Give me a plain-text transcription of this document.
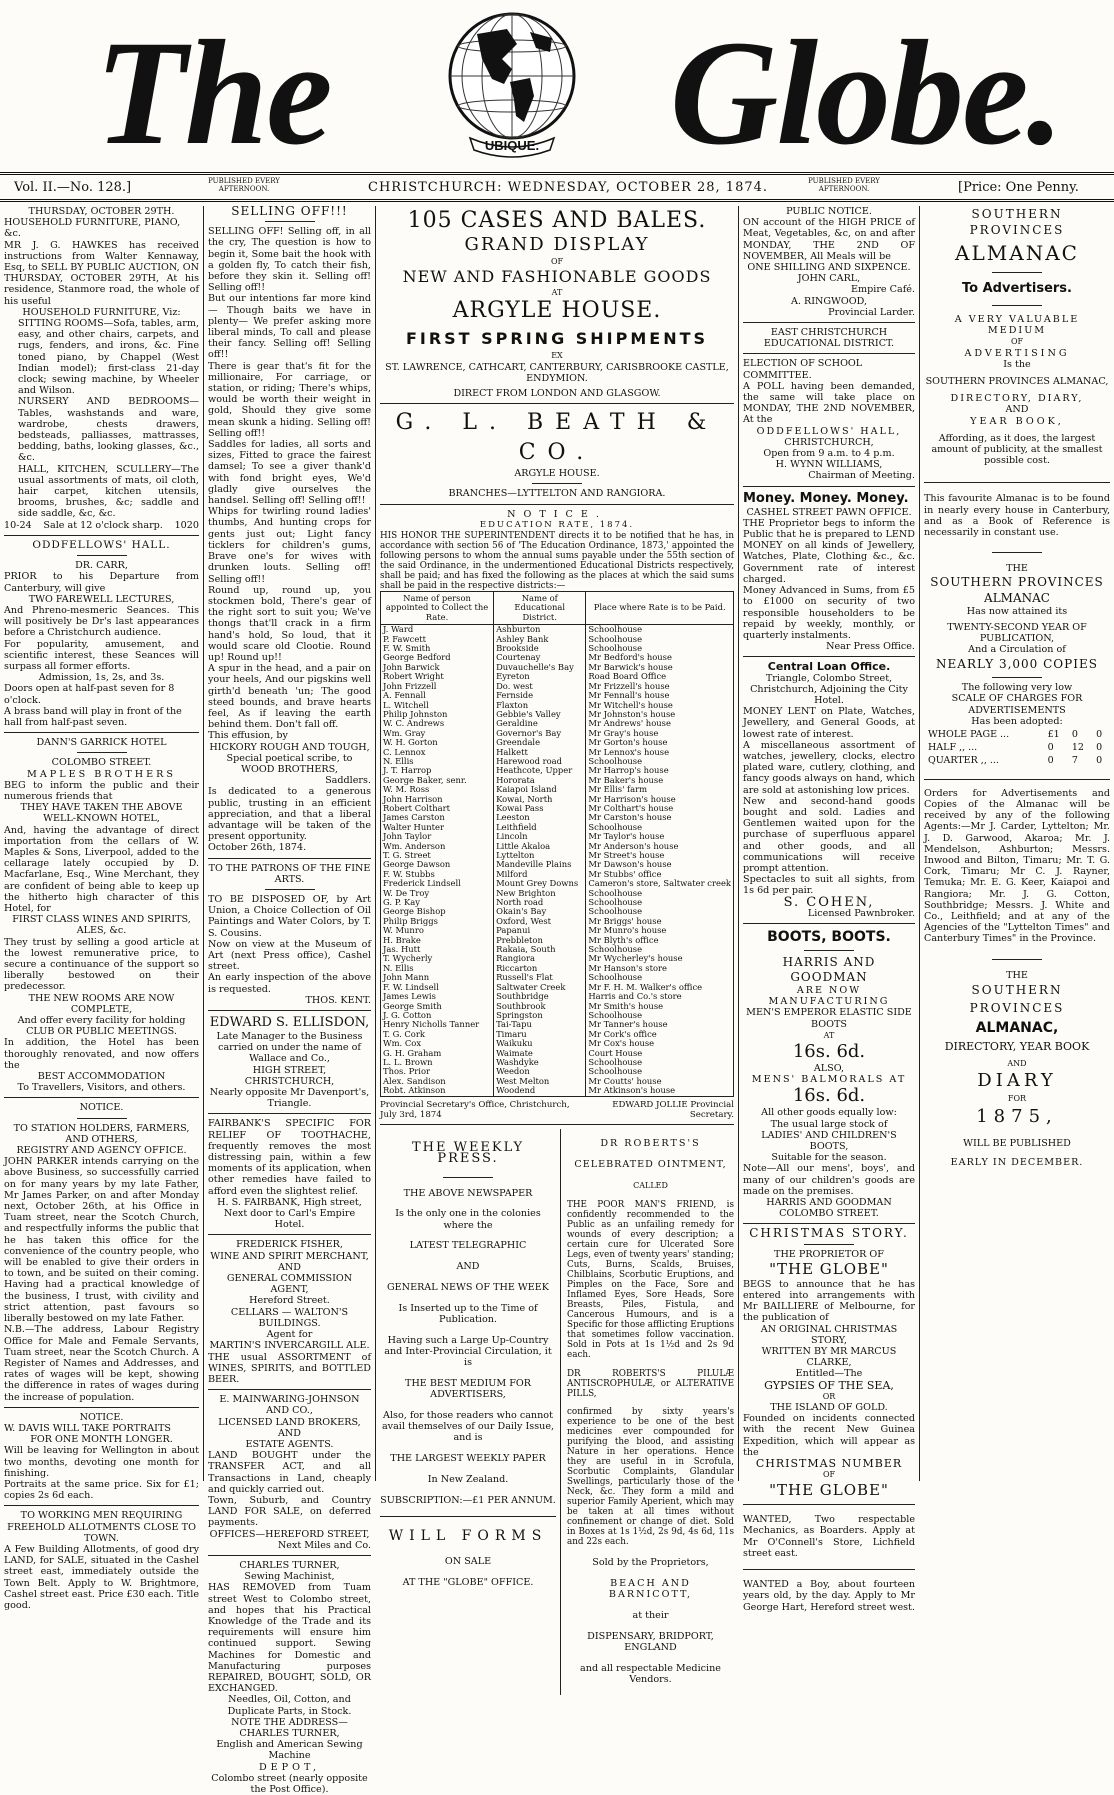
The	UBIQUE. Globe.
Vol. II.—No. 128.]	PUBLISHED EVERY AFTERNOON.	CHRISTCHURCH: WEDNESDAY, OCTOBER 28, 1874.	PUBLISHED EVERY AFTERNOON.	[Price: One Penny.

THURSDAY, OCTOBER 29TH.

HOUSEHOLD FURNITURE, PIANO, &c.

MR J. G. HAWKES has received instructions from Walter Kennaway, Esq, to SELL BY PUBLIC AUCTION, ON THURSDAY, OCTOBER 29TH, At his residence, Stanmore road, the whole of his useful

HOUSEHOLD FURNITURE, Viz:

SITTING ROOMS—Sofa, tables, arm, easy, and other chairs, carpets, and rugs, fenders, and irons, &c. Fine toned piano, by Chappel (West Indian model); first-class 21-day clock; sewing machine, by Wheeler and Wilson.

NURSERY AND BEDROOMS—Tables, washstands and ware, wardrobe, chests drawers, bedsteads, palliasses, mattrasses, bedding, baths, looking glasses, &c., &c.

HALL, KITCHEN, SCULLERY—The usual assortments of mats, oil cloth, hair carpet, kitchen utensils, brooms, brushes, &c; saddle and side saddle, &c, &c.

10-24 Sale at 12 o'clock sharp. 1020

ODDFELLOWS' HALL.

DR. CARR,

PRIOR to his Departure from Canterbury, will give

TWO FAREWELL LECTURES,

And Phreno-mesmeric Seances. This will positively be Dr's last appearances before a Christchurch audience.

For popularity, amusement, and scientific interest, these Seances will surpass all former efforts.

Admission, 1s, 2s, and 3s.

Doors open at half-past seven for 8 o'clock.

A brass band will play in front of the hall from half-past seven.

DANN'S GARRICK HOTEL

COLOMBO STREET.

MAPLES BROTHERS

BEG to inform the public and their numerous friends that

THEY HAVE TAKEN THE ABOVE

WELL-KNOWN HOTEL,

And, having the advantage of direct importation from the cellars of W. Maples & Sons, Liverpool, added to the cellarage lately occupied by D. Macfarlane, Esq., Wine Merchant, they are confident of being able to keep up the hitherto high character of this Hotel, for

FIRST CLASS WINES AND SPIRITS,

ALES, &c.

They trust by selling a good article at the lowest remunerative price, to secure a continuance of the support so liberally bestowed on their predecessor.

THE NEW ROOMS ARE NOW

COMPLETE,

And offer every facility for holding

CLUB OR PUBLIC MEETINGS.

In addition, the Hotel has been thoroughly renovated, and now offers the

BEST ACCOMMODATION

To Travellers, Visitors, and others.

NOTICE.

TO STATION HOLDERS, FARMERS,

AND OTHERS,

REGISTRY AND AGENCY OFFICE.

JOHN PARKER intends carrying on the above Business, so successfully carried on for many years by my late Father, Mr James Parker, on and after Monday next, October 26th, at his Office in Tuam street, near the Scotch Church, and respectfully informs the public that he has taken this office for the convenience of the country people, who will be enabled to give their orders in to town, and be suited on their coming. Having had a practical knowledge of the business, I trust, with civility and strict attention, past favours so liberally bestowed on my late Father.

N.B.—The address, Labour Registry Office for Male and Female Servants, Tuam street, near the Scotch Church. A Register of Names and Addresses, and rates of wages will be kept, showing the difference in rates of wages during the increase of population.

NOTICE.

W. DAVIS WILL TAKE PORTRAITS

FOR ONE MONTH LONGER.

Will be leaving for Wellington in about two months, devoting one month for finishing.

Portraits at the same price. Six for £1; copies 2s 6d each.

TO WORKING MEN REQUIRING FREEHOLD ALLOTMENTS CLOSE TO TOWN.

A Few Building Allotments, of good dry LAND, for SALE, situated in the Cashel street east, immediately outside the Town Belt. Apply to W. Brightmore, Cashel street east. Price £30 each. Title good.

SELLING OFF!!!

SELLING OFF! Selling off, in all the cry, The question is how to begin it, Some bait the hook with a golden fly, To catch their fish, before they skin it. Selling off! Selling off!!

But our intentions far more kind— Though baits we have in plenty— We prefer asking more liberal minds, To call and please their fancy. Selling off! Selling off!!

There is gear that's fit for the millionaire, For carriage, or station, or riding; There's whips, would be worth their weight in gold, Should they give some mean skunk a hiding. Selling off! Selling off!!

Saddles for ladies, all sorts and sizes, Fitted to grace the fairest damsel; To see a giver thank'd with fond bright eyes, We'd gladly give ourselves the handsel. Selling off! Selling off!!

Whips for twirling round ladies' thumbs, And hunting crops for gents just out; Light fancy ticklers for children's gums, Brave one's for wives with drunken louts. Selling off! Selling off!!

Round up, round up, you stockmen bold, There's gear of the right sort to suit you; We've thongs that'll crack in a firm hand's hold, So loud, that it would scare old Clootie. Round up! Round up!!

A spur in the head, and a pair on your heels, And our pigskins well girth'd beneath 'un; The good steed bounds, and brave hearts feel, As if leaving the earth behind them. Don't fall off.

This effusion, by

HICKORY ROUGH AND TOUGH,

Special poetical scribe, to

WOOD BROTHERS,

Saddlers.

Is dedicated to a generous public, trusting in an efficient appreciation, and that a liberal advantage will be taken of the present opportunity.

October 26th, 1874.

TO THE PATRONS OF THE FINE ARTS.

TO BE DISPOSED OF, by Art Union, a Choice Collection of Oil Paintings and Water Colors, by T. S. Cousins.

Now on view at the Museum of Art (next Press office), Cashel street.

An early inspection of the above is requested.

THOS. KENT.

EDWARD S. ELLISDON,

Late Manager to the Business carried on under the name of Wallace and Co.,

HIGH STREET, CHRISTCHURCH,

Nearly opposite Mr Davenport's, Triangle.

FAIRBANK'S SPECIFIC FOR RELIEF OF TOOTHACHE, frequently removes the most distressing pain, within a few moments of its application, when other remedies have failed to afford even the slightest relief.

H. S. FAIRBANK, High street,

Next door to Carl's Empire Hotel.

FREDERICK FISHER,

WINE AND SPIRIT MERCHANT,

AND

GENERAL COMMISSION AGENT,

Hereford Street.

CELLARS — WALTON'S BUILDINGS.

Agent for

MARTIN'S INVERCARGILL ALE.

THE usual ASSORTMENT of WINES, SPIRITS, and BOTTLED BEER.

E. MAINWARING-JOHNSON AND CO.,

LICENSED LAND BROKERS,

AND

ESTATE AGENTS.

LAND BOUGHT under the TRANSFER ACT, and all Transactions in Land, cheaply and quickly carried out.

Town, Suburb, and Country LAND FOR SALE, on deferred payments.

OFFICES—HEREFORD STREET,

Next Miles and Co.

CHARLES TURNER,

Sewing Machinist,

HAS REMOVED from Tuam street West to Colombo street, and hopes that his Practical Knowledge of the Trade and its requirements will ensure him continued support. Sewing Machines for Domestic and Manufacturing purposes REPAIRED, BOUGHT, SOLD, OR EXCHANGED.

Needles, Oil, Cotton, and Duplicate Parts, in Stock.

NOTE THE ADDRESS—

CHARLES TURNER,

English and American Sewing Machine

DEPOT,

Colombo street (nearly opposite the Post Office).

105 CASES AND BALES.

GRAND DISPLAY

OF

NEW AND FASHIONABLE GOODS

AT

ARGYLE HOUSE.

FIRST SPRING SHIPMENTS

EX

ST. LAWRENCE, CATHCART, CANTERBURY, CARISBROOKE CASTLE, ENDYMION.

DIRECT FROM LONDON AND GLASGOW.

G. L. BEATH & CO.

ARGYLE HOUSE.

BRANCHES—LYTTELTON AND RANGIORA.

NOTICE.

EDUCATION RATE, 1874.

HIS HONOR THE SUPERINTENDENT directs it to be notified that he has, in accordance with section 56 of 'The Education Ordinance, 1873,' appointed the following persons to whom the annual sums payable under the 55th section of the said Ordinance, in the undermentioned Educational Districts respectively, shall be paid; and has fixed the following as the places at which the said sums shall be paid in the respective districts:—

Name of person appointed to Collect the Rate.	Name of Educational District.	Place where Rate is to be Paid.
J. Ward	Ashburton	Schoolhouse
P. Fawcett	Ashley Bank	Schoolhouse
F. W. Smith	Brookside	Schoolhouse
George Bedford	Courtenay	Mr Bedford's house
John Barwick	Duvauchelle's Bay	Mr Barwick's house
Robert Wright	Eyreton	Road Board Office
John Frizzell	Do. west	Mr Frizzell's house
A. Fennall	Fernside	Mr Fennall's house
L. Witchell	Flaxton	Mr Witchell's house
Philip Johnston	Gebbie's Valley	Mr Johnston's house
W. C. Andrews	Geraldine	Mr Andrews' house
Wm. Gray	Governor's Bay	Mr Gray's house
W. H. Gorton	Greendale	Mr Gorton's house
C. Lennox	Halkett	Mr Lennox's house
N. Ellis	Harewood road	Schoolhouse
J. T. Harrop	Heathcote, Upper	Mr Harrop's house
George Baker, senr.	Hororata	Mr Baker's house
W. M. Ross	Kaiapoi Island	Mr Ellis' farm
John Harrison	Kowai, North	Mr Harrison's house
Robert Colthart	Kowai Pass	Mr Colthart's house
James Carston	Leeston	Mr Carston's house
Walter Hunter	Leithfield	Schoolhouse
John Taylor	Lincoln	Mr Taylor's house
Wm. Anderson	Little Akaloa	Mr Anderson's house
T. G. Street	Lyttelton	Mr Street's house
George Dawson	Mandeville Plains	Mr Dawson's house
F. W. Stubbs	Milford	Mr Stubbs' office
Frederick Lindsell	Mount Grey Downs	Cameron's store, Saltwater creek
W. De Troy	New Brighton	Schoolhouse
G. P. Kay	North road	Schoolhouse
George Bishop	Okain's Bay	Schoolhouse
Philip Briggs	Oxford, West	Mr Briggs' house
W. Munro	Papanui	Mr Munro's house
H. Brake	Prebbleton	Mr Blyth's office
Jas. Hutt	Rakaia, South	Schoolhouse
T. Wycherly	Rangiora	Mr Wycherley's house
N. Ellis	Riccarton	Mr Hanson's store
John Mann	Russell's Flat	Schoolhouse
F. W. Lindsell	Saltwater Creek	Mr F. H. M. Walker's office
James Lewis	Southbridge	Harris and Co.'s store
George Smith	Southbrook	Mr Smith's house
J. G. Cotton	Springston	Schoolhouse
Henry Nicholls Tanner	Tai-Tapu	Mr Tanner's house
T. G. Cork	Timaru	Mr Cork's office
Wm. Cox	Waikuku	Mr Cox's house
G. H. Graham	Waimate	Court House
L. L. Brown	Washdyke	Schoolhouse
Thos. Prior	Weedon	Schoolhouse
Alex. Sandison	West Melton	Mr Coutts' house
Robt. Atkinson	Woodend	Mr Atkinson's house
Provincial Secretary's Office, Christchurch, July 3rd, 1874
EDWARD JOLLIE Provincial Secretary.

THE WEEKLY PRESS.

THE ABOVE NEWSPAPER

Is the only one in the colonies where the

LATEST TELEGRAPHIC

AND

GENERAL NEWS OF THE WEEK

Is Inserted up to the Time of Publication.

Having such a Large Up-Country and Inter-Provincial Circulation, it is

THE BEST MEDIUM FOR ADVERTISERS,

Also, for those readers who cannot avail themselves of our Daily Issue, and is

THE LARGEST WEEKLY PAPER

In New Zealand.

SUBSCRIPTION:—£1 PER ANNUM.

WILL FORMS

ON SALE

AT THE "GLOBE" OFFICE.

DR ROBERTS'S

CELEBRATED OINTMENT,

CALLED

THE POOR MAN'S FRIEND, is confidently recommended to the Public as an unfailing remedy for wounds of every description; a certain cure for Ulcerated Sore Legs, even of twenty years' standing; Cuts, Burns, Scalds, Bruises, Chilblains, Scorbutic Eruptions, and Pimples on the Face, Sore and Inflamed Eyes, Sore Heads, Sore Breasts, Piles, Fistula, and Cancerous Humours, and is a Specific for those afflicting Eruptions that sometimes follow vaccination. Sold in Pots at 1s 1½d and 2s 9d each.

DR ROBERTS'S PILULÆ ANTISCROPHULÆ, or ALTERATIVE PILLS,

confirmed by sixty years's experience to be one of the best medicines ever compounded for purifying the blood, and assisting Nature in her operations. Hence they are useful in in Scrofula, Scorbutic Complaints, Glandular Swellings, particularly those of the Neck, &c. They form a mild and superior Family Aperient, which may be taken at all times without confinement or change of diet. Sold in Boxes at 1s 1½d, 2s 9d, 4s 6d, 11s and 22s each.

Sold by the Proprietors,

BEACH AND BARNICOTT,

at their

DISPENSARY, BRIDPORT, ENGLAND

and all respectable Medicine Vendors.

PUBLIC NOTICE.

ON account of the HIGH PRICE of Meat, Vegetables, &c, on and after MONDAY, THE 2ND OF NOVEMBER, All Meals will be

ONE SHILLING AND SIXPENCE.

JOHN CARL,

Empire Café.

A. RINGWOOD,

Provincial Larder.

EAST CHRISTCHURCH EDUCATIONAL DISTRICT.

ELECTION OF SCHOOL COMMITTEE.

A POLL having been demanded, the same will take place on MONDAY, THE 2ND NOVEMBER, At the

ODDFELLOWS' HALL,

CHRISTCHURCH,

Open from 9 a.m. to 4 p.m.

H. WYNN WILLIAMS,

Chairman of Meeting.

Money. Money. Money.

CASHEL STREET PAWN OFFICE.

THE Proprietor begs to inform the Public that he is prepared to LEND MONEY on all kinds of Jewellery, Watches, Plate, Clothing &c., &c. Government rate of interest charged.

Money Advanced in Sums, from £5 to £1000 on security of two responsible householders to be repaid by weekly, monthly, or quarterly instalments.

Near Press Office.

Central Loan Office.

Triangle, Colombo Street, Christchurch, Adjoining the City Hotel.

MONEY LENT on Plate, Watches, Jewellery, and General Goods, at lowest rate of interest.

A miscellaneous assortment of watches, jewellery, clocks, electro plated ware, cutlery, clothing, and fancy goods always on hand, which are sold at astonishing low prices.

New and second-hand goods bought and sold. Ladies and Gentlemen waited upon for the purchase of superfluous apparel and other goods, and all communications will receive prompt attention.

Spectacles to suit all sights, from 1s 6d per pair.

S. COHEN,

Licensed Pawnbroker.

BOOTS, BOOTS.

HARRIS AND GOODMAN

ARE NOW MANUFACTURING

MEN'S EMPEROR ELASTIC SIDE BOOTS

AT

16s. 6d.

ALSO,

MENS' BALMORALS AT

16s. 6d.

All other goods equally low:

The usual large stock of

LADIES' AND CHILDREN'S BOOTS,

Suitable for the season.

Note—All our mens', boys', and many of our children's goods are made on the premises.

HARRIS AND GOODMAN

COLOMBO STREET.

CHRISTMAS STORY.

THE PROPRIETOR OF

"THE GLOBE"

BEGS to announce that he has entered into arrangements with Mr BAILLIERE of Melbourne, for the publication of

AN ORIGINAL CHRISTMAS

STORY,

WRITTEN BY MR MARCUS CLARKE,

Entitled—The

GYPSIES OF THE SEA,

OR

THE ISLAND OF GOLD.

Founded on incidents connected with the recent New Guinea Expedition, which will appear as the

CHRISTMAS NUMBER

OF

"THE GLOBE"

WANTED, Two respectable Mechanics, as Boarders. Apply at Mr O'Connell's Store, Lichfield street east.

WANTED a Boy, about fourteen years old, by the day. Apply to Mr George Hart, Hereford street west.

SOUTHERN PROVINCES

ALMANAC

To Advertisers.

A VERY VALUABLE MEDIUM

OF

ADVERTISING

Is the

SOUTHERN PROVINCES ALMANAC,

DIRECTORY, DIARY,

AND

YEAR BOOK,

Affording, as it does, the largest amount of publicity, at the smallest possible cost.

This favourite Almanac is to be found in nearly every house in Canterbury, and as a Book of Reference is necessarily in constant use.

THE

SOUTHERN PROVINCES

ALMANAC

Has now attained its

TWENTY-SECOND YEAR OF

PUBLICATION,

And a Circulation of

NEARLY 3,000 COPIES

The following very low

SCALE OF CHARGES FOR

ADVERTISEMENTS

Has been adopted:

WHOLE PAGE ...	£1	0	0
HALF ,, ...	0	12	0
QUARTER ,, ...	0	7	0

Orders for Advertisements and Copies of the Almanac will be received by any of the following Agents:—Mr J. Carder, Lyttelton; Mr. J. D. Garwood, Akaroa; Mr. J. Mendelson, Ashburton; Messrs. Inwood and Bilton, Timaru; Mr. T. G. Cork, Timaru; Mr C. J. Rayner, Temuka; Mr. E. G. Keer, Kaiapoi and Rangiora; Mr. J. G. Cotton, Southbridge; Messrs. J. White and Co., Leithfield; and at any of the Agencies of the "Lyttelton Times" and Canterbury Times" in the Province.

THE

SOUTHERN PROVINCES

ALMANAC,

DIRECTORY, YEAR BOOK

AND

DIARY

FOR

1875,

WILL BE PUBLISHED

EARLY IN DECEMBER.
